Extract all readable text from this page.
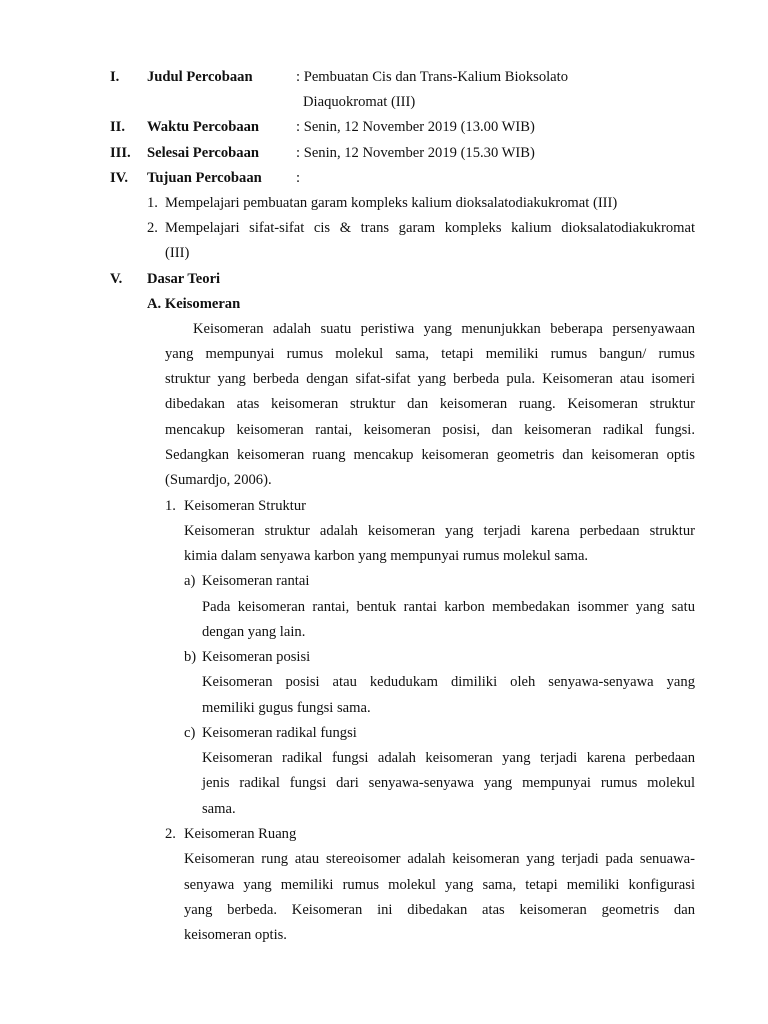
I. Judul Percobaan	: Pembuatan Cis dan Trans-Kalium Bioksolato
Diaquokromat (III)
II. Waktu Percobaan	: Senin, 12 November 2019 (13.00 WIB)
III. Selesai Percobaan	: Senin, 12 November 2019 (15.30 WIB)
IV. Tujuan Percobaan :
1. Mempelajari pembuatan garam kompleks kalium dioksalatodiakukromat (III)
2. Mempelajari sifat-sifat cis & trans garam kompleks kalium dioksalatodiakukromat
(III)
V. Dasar Teori
A. Keisomeran
Keisomeran adalah suatu peristiwa yang menunjukkan beberapa persenyawaan
yang mempunyai rumus molekul sama, tetapi memiliki rumus bangun/ rumus
struktur yang berbeda dengan sifat-sifat yang berbeda pula. Keisomeran atau isomeri
dibedakan atas keisomeran struktur dan keisomeran ruang. Keisomeran struktur
mencakup keisomeran rantai, keisomeran posisi, dan keisomeran radikal fungsi.
Sedangkan keisomeran ruang mencakup keisomeran geometris dan keisomeran optis
(Sumardjo, 2006).
1. Keisomeran Struktur
Keisomeran struktur adalah keisomeran yang terjadi karena perbedaan struktur
kimia dalam senyawa karbon yang mempunyai rumus molekul sama.
a) Keisomeran rantai
Pada keisomeran rantai, bentuk rantai karbon membedakan isommer yang satu
dengan yang lain.
b) Keisomeran posisi
Keisomeran posisi atau kedudukam dimiliki oleh senyawa-senyawa yang
memiliki gugus fungsi sama.
c) Keisomeran radikal fungsi
Keisomeran radikal fungsi adalah keisomeran yang terjadi karena perbedaan
jenis radikal fungsi dari senyawa-senyawa yang mempunyai rumus molekul
sama.
2. Keisomeran Ruang
Keisomeran rung atau stereoisomer adalah keisomeran yang terjadi pada senuawa-
senyawa yang memiliki rumus molekul yang sama, tetapi memiliki konfigurasi
yang berbeda. Keisomeran ini dibedakan atas keisomeran geometris dan
keisomeran optis.
